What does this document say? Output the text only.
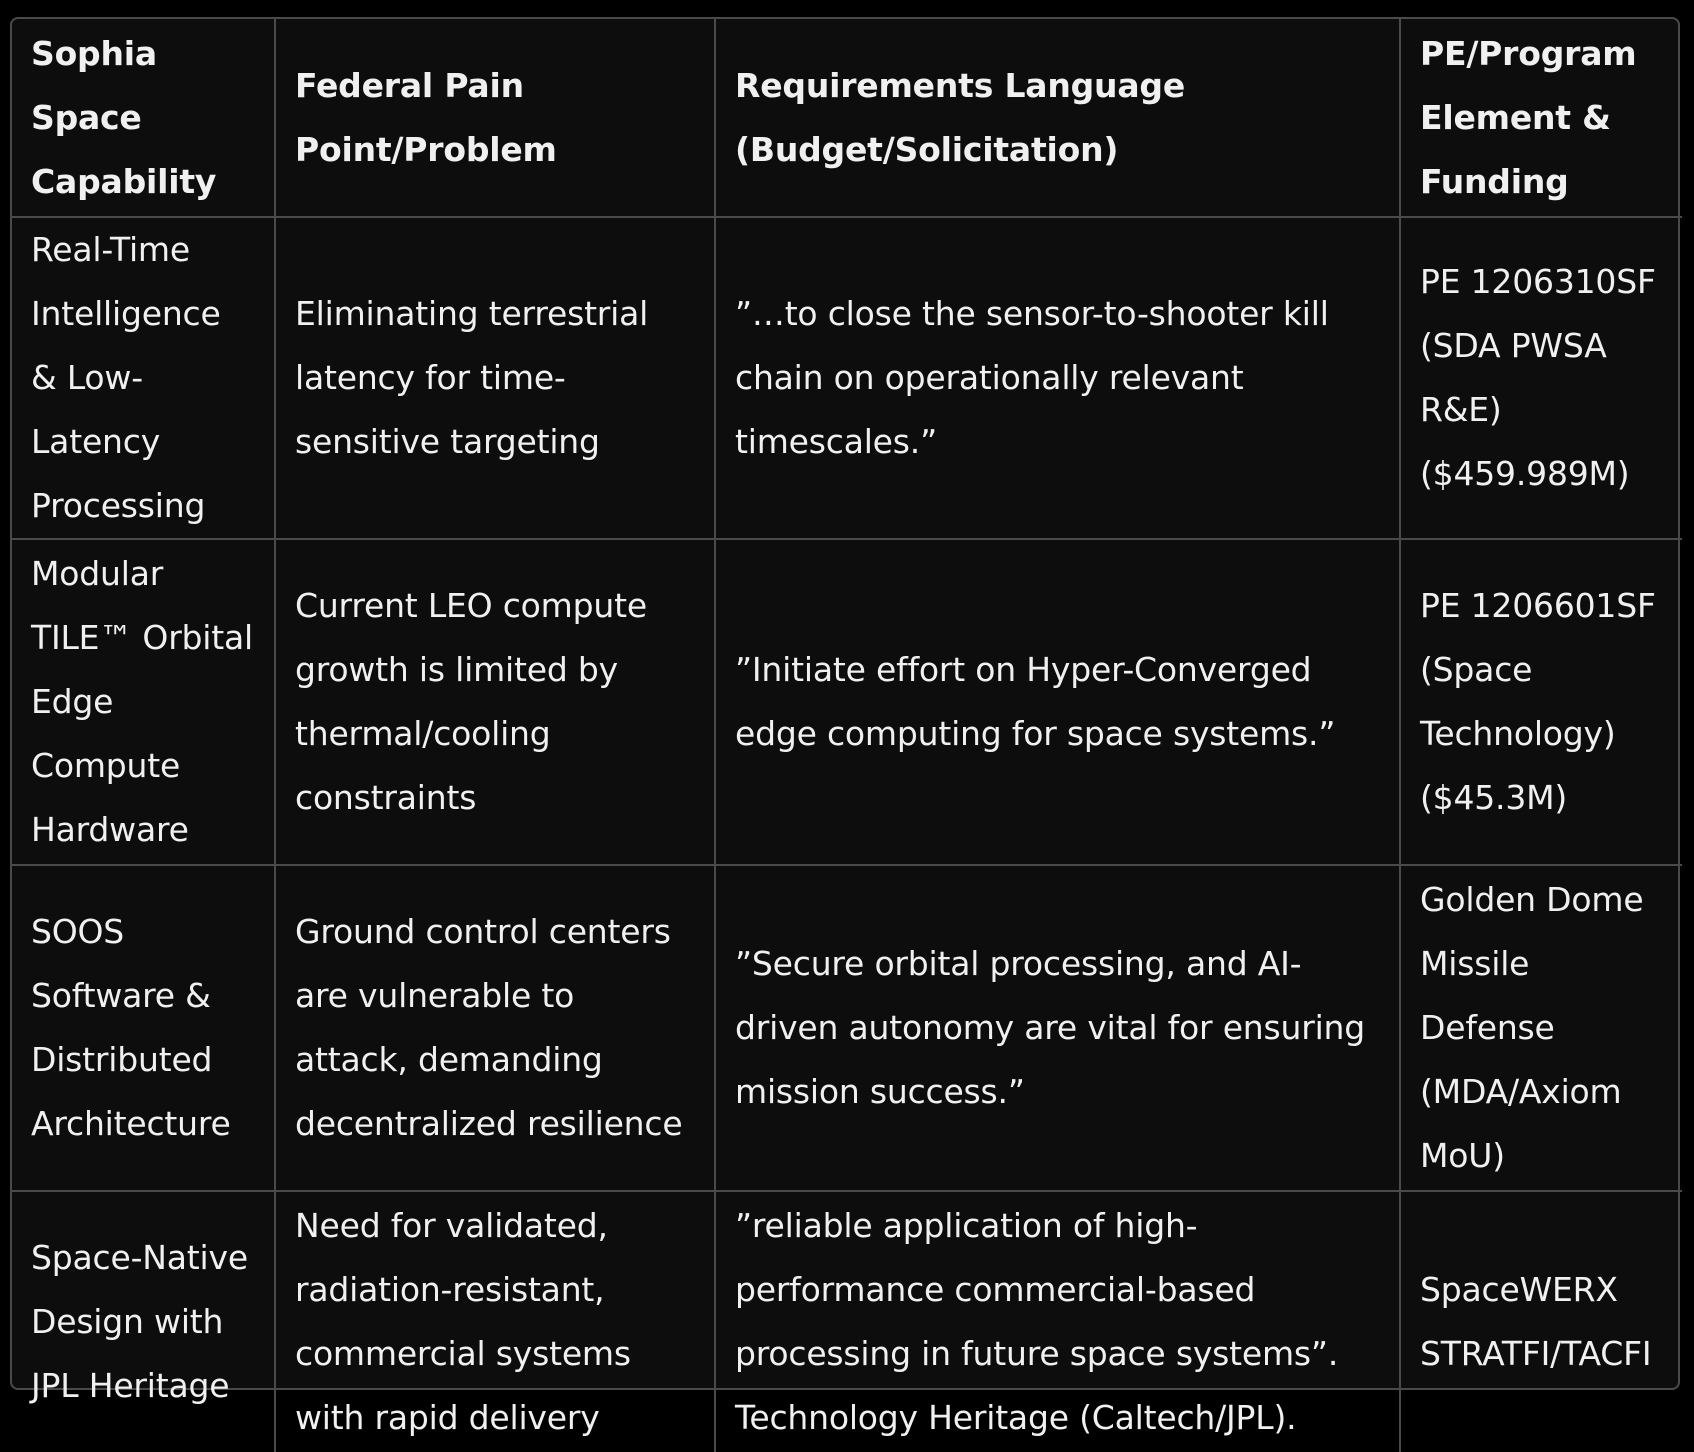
Sophia Space Capability	Federal Pain Point/Problem	Requirements Language (Budget/Solicitation)	PE/Program Element & Funding
Real-Time Intelligence & Low-Latency Processing	Eliminating terrestrial latency for time-sensitive targeting	”…to close the sensor-to-shooter kill chain on operationally relevant timescales.”	PE 1206310SF (SDA PWSA R&E) ($459.989M)
Modular TILE™ Orbital Edge Compute Hardware	Current LEO compute growth is limited by thermal/cooling constraints	”Initiate effort on Hyper-Converged edge computing for space systems.”	PE 1206601SF (Space Technology) ($45.3M)
SOOS Software & Distributed Architecture	Ground control centers are vulnerable to attack, demanding decentralized resilience	”Secure orbital processing, and AI-driven autonomy are vital for ensuring mission success.”	Golden Dome Missile Defense (MDA/Axiom MoU)
Space-Native Design with JPL Heritage	Need for validated, radiation-resistant, commercial systems with rapid delivery	”reliable application of high-performance commercial-based processing in future space systems”. Technology Heritage (Caltech/JPL).	SpaceWERX STRATFI/TACFI
